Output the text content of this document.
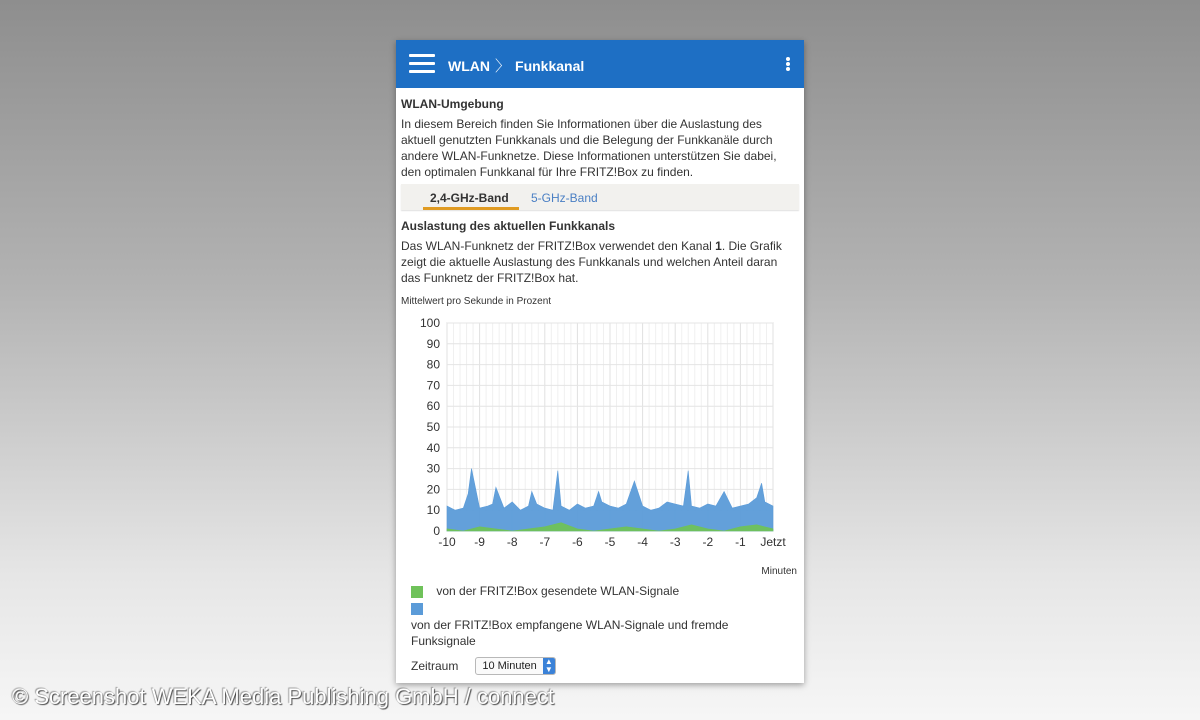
WLAN 〉 Funkkanal
WLAN-Umgebung
In diesem Bereich finden Sie Informationen über die Auslastung des aktuell genutzten Funkkanals und die Belegung der Funkkanäle durch andere WLAN-Funknetze. Diese Informationen unterstützen Sie dabei, den optimalen Funkkanal für Ihre FRITZ!Box zu finden.
2,4-GHz-Band 5-GHz-Band
Auslastung des aktuellen Funkkanals
Das WLAN-Funknetz der FRITZ!Box verwendet den Kanal 1. Die Grafik zeigt die aktuelle Auslastung des Funkkanals und welchen Anteil daran das Funknetz der FRITZ!Box hat.
Mittelwert pro Sekunde in Prozent
0
10
20
30
40
50
60
70
80
90
100
-10 -9 -8 -7 -6 -5 -4 -3 -2 -1 Jetzt
Minuten
von der FRITZ!Box gesendete WLAN-Signale
von der FRITZ!Box empfangene WLAN-Signale und fremde Funksignale
Zeitraum 10 Minuten ▲
▼
© Screenshot WEKA Media Publishing GmbH / connect
